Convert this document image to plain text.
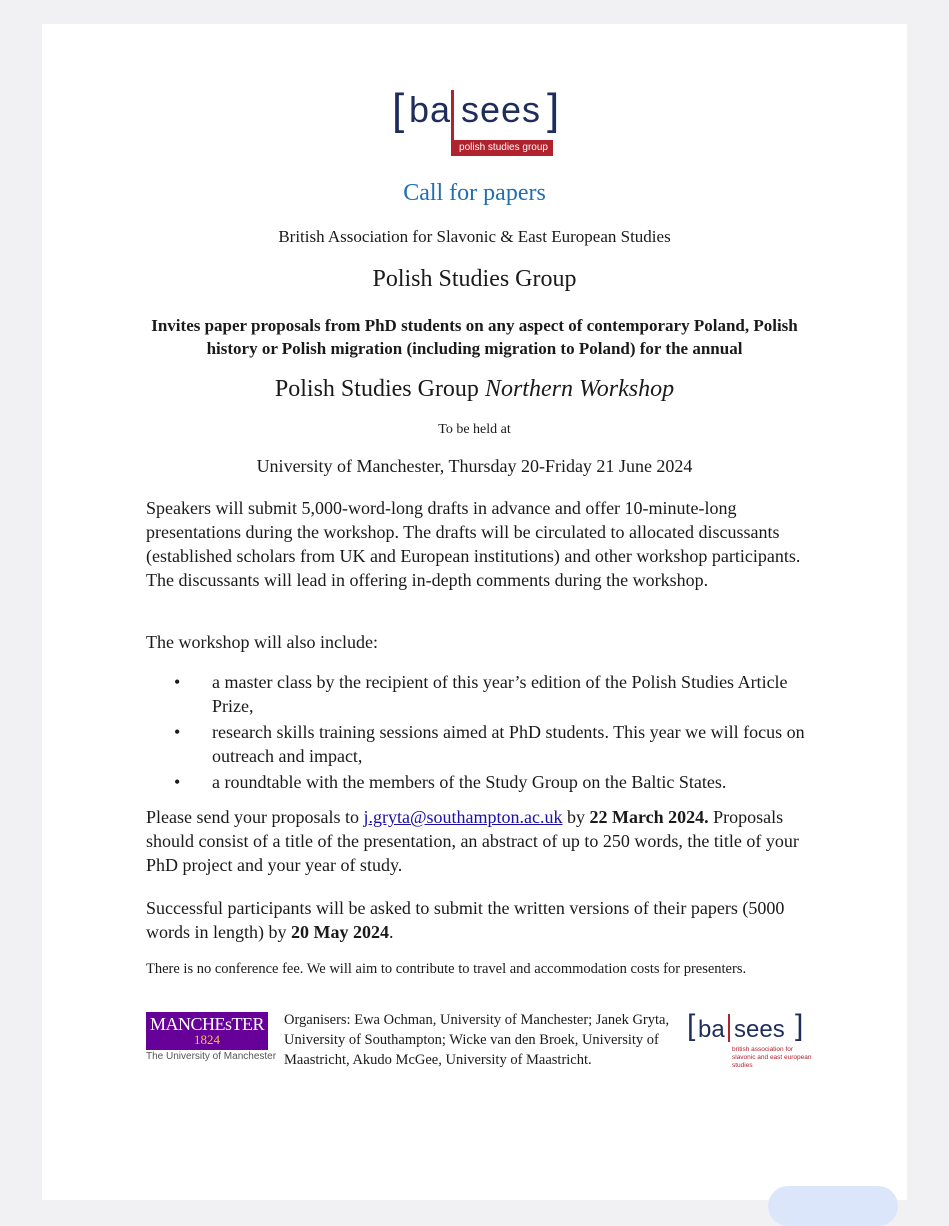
[ ba sees ]
polish studies group
Call for papers
British Association for Slavonic & East European Studies
Polish Studies Group
Invites paper proposals from PhD students on any aspect of contemporary Poland, Polish history or Polish migration (including migration to Poland) for the annual
Polish Studies Group Northern Workshop
To be held at
University of Manchester, Thursday 20-Friday 21 June 2024
Speakers will submit 5,000-word-long drafts in advance and offer 10-minute-long presentations during the workshop. The drafts will be circulated to allocated discussants (established scholars from UK and European institutions) and other workshop participants. The discussants will lead in offering in-depth comments during the workshop.
The workshop will also include:
• a master class by the recipient of this year’s edition of the Polish Studies Article Prize,
• research skills training sessions aimed at PhD students. This year we will focus on outreach and impact,
• a roundtable with the members of the Study Group on the Baltic States.
Please send your proposals to j.gryta@southampton.ac.uk by 22 March 2024. Proposals should consist of a title of the presentation, an abstract of up to 250 words, the title of your PhD project and your year of study.
Successful participants will be asked to submit the written versions of their papers (5000 words in length) by 20 May 2024.
There is no conference fee. We will aim to contribute to travel and accommodation costs for presenters.
MANCHEsTER
1824
The University of Manchester
Organisers: Ewa Ochman, University of Manchester; Janek Gryta, University of Southampton; Wicke van den Broek, University of Maastricht, Akudo McGee, University of Maastricht.
[ ba sees ]
british association for slavonic and east european studies
